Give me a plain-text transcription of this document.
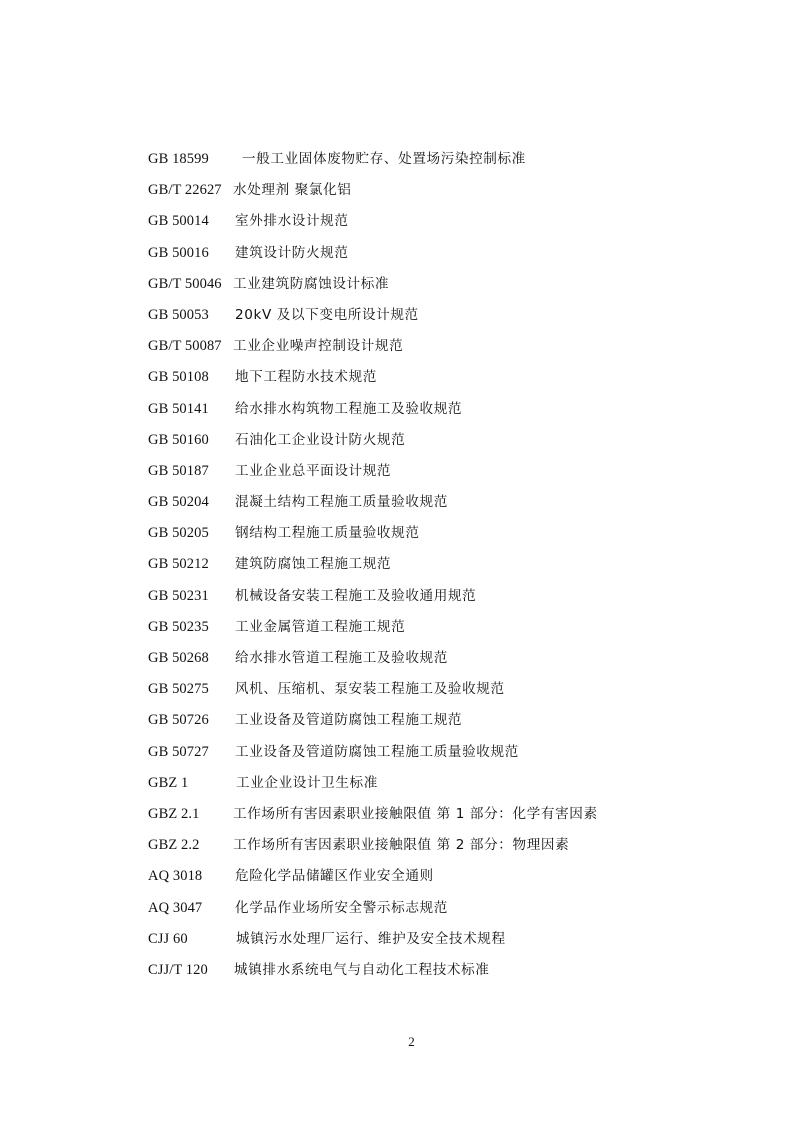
GB 18599 一般工业固体废物贮存、处置场污染控制标准
GB/T 22627 水处理剂 聚氯化铝
GB 50014 室外排水设计规范
GB 50016 建筑设计防火规范
GB/T 50046 工业建筑防腐蚀设计标准
GB 50053 20kV 及以下变电所设计规范
GB/T 50087 工业企业噪声控制设计规范
GB 50108 地下工程防水技术规范
GB 50141 给水排水构筑物工程施工及验收规范
GB 50160 石油化工企业设计防火规范
GB 50187 工业企业总平面设计规范
GB 50204 混凝土结构工程施工质量验收规范
GB 50205 钢结构工程施工质量验收规范
GB 50212 建筑防腐蚀工程施工规范
GB 50231 机械设备安装工程施工及验收通用规范
GB 50235 工业金属管道工程施工规范
GB 50268 给水排水管道工程施工及验收规范
GB 50275 风机、压缩机、泵安装工程施工及验收规范
GB 50726 工业设备及管道防腐蚀工程施工规范
GB 50727 工业设备及管道防腐蚀工程施工质量验收规范
GBZ 1	工业企业设计卫生标准
GBZ 2.1 工作场所有害因素职业接触限值 第 1 部分：化学有害因素
GBZ 2.2 工作场所有害因素职业接触限值 第 2 部分：物理因素
AQ 3018 危险化学品储罐区作业安全通则
AQ 3047 化学品作业场所安全警示标志规范
CJJ 60	城镇污水处理厂运行、维护及安全技术规程
CJJ/T 120 城镇排水系统电气与自动化工程技术标准
2
